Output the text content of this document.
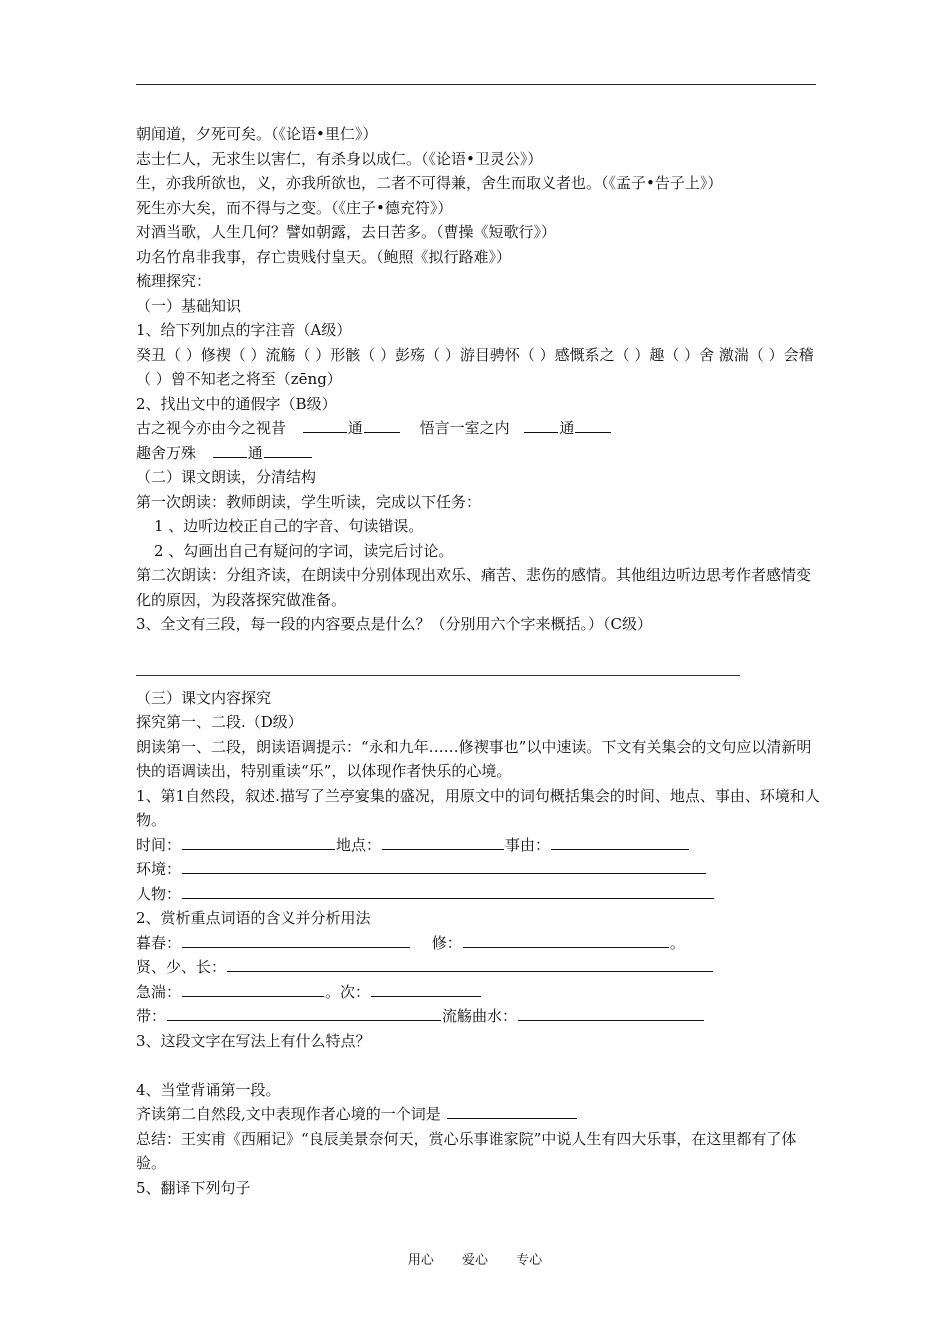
朝闻道，夕死可矣。（《论语•里仁》）
志士仁人，无求生以害仁，有杀身以成仁。（《论语•卫灵公》）
生，亦我所欲也，义，亦我所欲也，二者不可得兼，舍生而取义者也。（《孟子•告子上》）
死生亦大矣，而不得与之变。（《庄子•德充符》）
对酒当歌，人生几何？譬如朝露，去日苦多。（曹操《短歌行》）
功名竹帛非我事，存亡贵贱付皇天。（鲍照《拟行路难》）
梳理探究：
（一）基础知识
1、给下列加点的字注音（A级）
癸丑（ ）修禊（ ）流觞（ ）形骸（ ）彭殇（ ）游目骋怀（ ）感慨系之（ ）趣（ ）舍 激湍（ ）会稽（ ）曾不知老之将至（zēng）
2、找出文中的通假字（B级）
古之视今亦由今之视昔	通	悟言一室之内	通
趣舍万殊	通
（二）课文朗读，分清结构
第一次朗读：教师朗读，学生听读，完成以下任务：
1 、边听边校正自己的字音、句读错误。
2 、勾画出自己有疑问的字词，读完后讨论。
第二次朗读：分组齐读，在朗读中分别体现出欢乐、痛苦、悲伤的感情。其他组边听边思考作者感情变化的原因，为段落探究做准备。
3、全文有三段，每一段的内容要点是什么？（分别用六个字来概括。）（C级）
（三）课文内容探究
探究第一、二段.（D级）
朗读第一、二段，朗读语调提示：“永和九年……修禊事也”以中速读。下文有关集会的文句应以清新明快的语调读出，特别重读“乐”，以体现作者快乐的心境。
1、第1自然段，叙述.描写了兰亭宴集的盛况，用原文中的词句概括集会的时间、地点、事由、环境和人物。
时间：	地点：	事由：
环境：
人物：
2、赏析重点词语的含义并分析用法
暮春：	修：	。
贤、少、长：
急湍：	。次：
带：	流觞曲水：
3、这段文字在写法上有什么特点？
4、当堂背诵第一段。
齐读第二自然段,文中表现作者心境的一个词是
总结：王实甫《西厢记》“良辰美景奈何天，赏心乐事谁家院”中说人生有四大乐事，在这里都有了体验。
5、翻译下列句子
用心 爱心 专心
